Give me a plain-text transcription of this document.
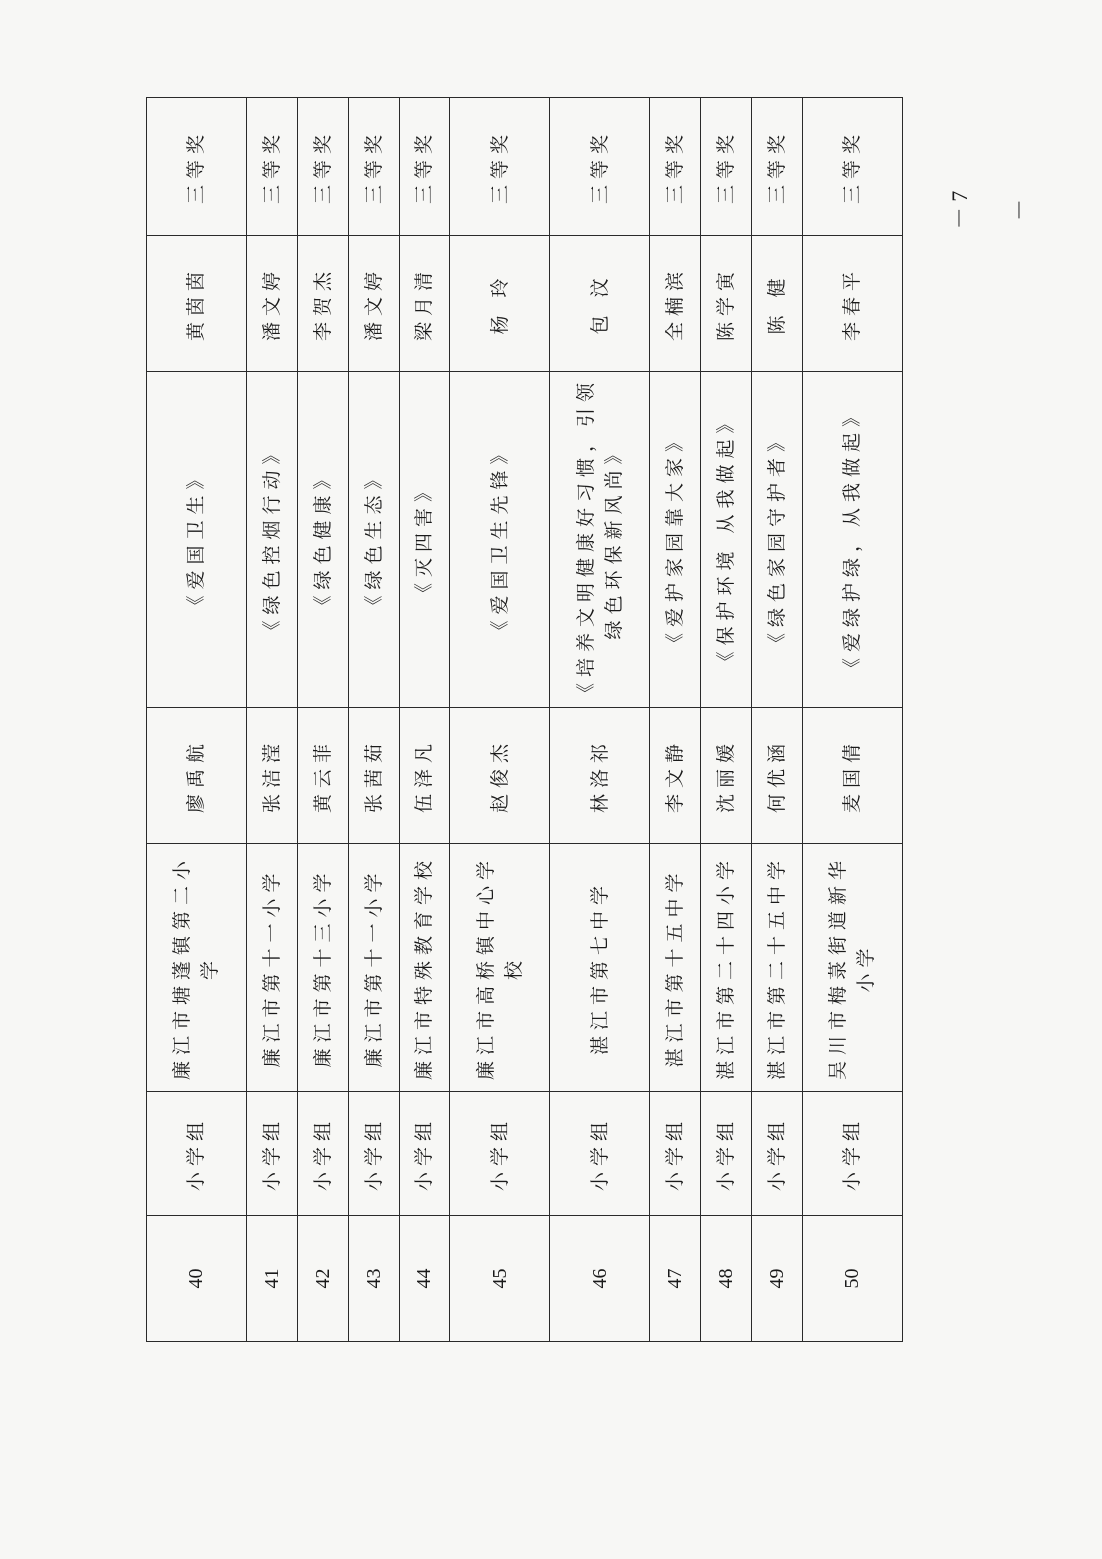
40	小学组	廉江市塘蓬镇第二小学	廖禹航	《爱国卫生》	黄茵茵	三等奖
41	小学组	廉江市第十一小学	张洁滢	《绿色控烟行动》	潘文婷	三等奖
42	小学组	廉江市第十三小学	黄云菲	《绿色健康》	李贺杰	三等奖
43	小学组	廉江市第十一小学	张茜茹	《绿色生态》	潘文婷	三等奖
44	小学组	廉江市特殊教育学校	伍泽凡	《灭四害》	梁月清	三等奖
45	小学组	廉江市高桥镇中心学校	赵俊杰	《爱国卫生先锋》	杨 玲	三等奖
46	小学组	湛江市第七中学	林洛祁	《培养文明健康好习惯，引领绿色环保新风尚》	包 汶	三等奖
47	小学组	湛江市第十五中学	李文静	《爱护家园靠大家》	全楠滨	三等奖
48	小学组	湛江市第二十四小学	沈丽媛	《保护环境 从我做起》	陈学寅	三等奖
49	小学组	湛江市第二十五中学	何优涵	《绿色家园守护者》	陈 健	三等奖
50	小学组	吴川市梅菉街道新华小学	麦国倩	《爱绿护绿，从我做起》	李春平	三等奖
－ 7 －
